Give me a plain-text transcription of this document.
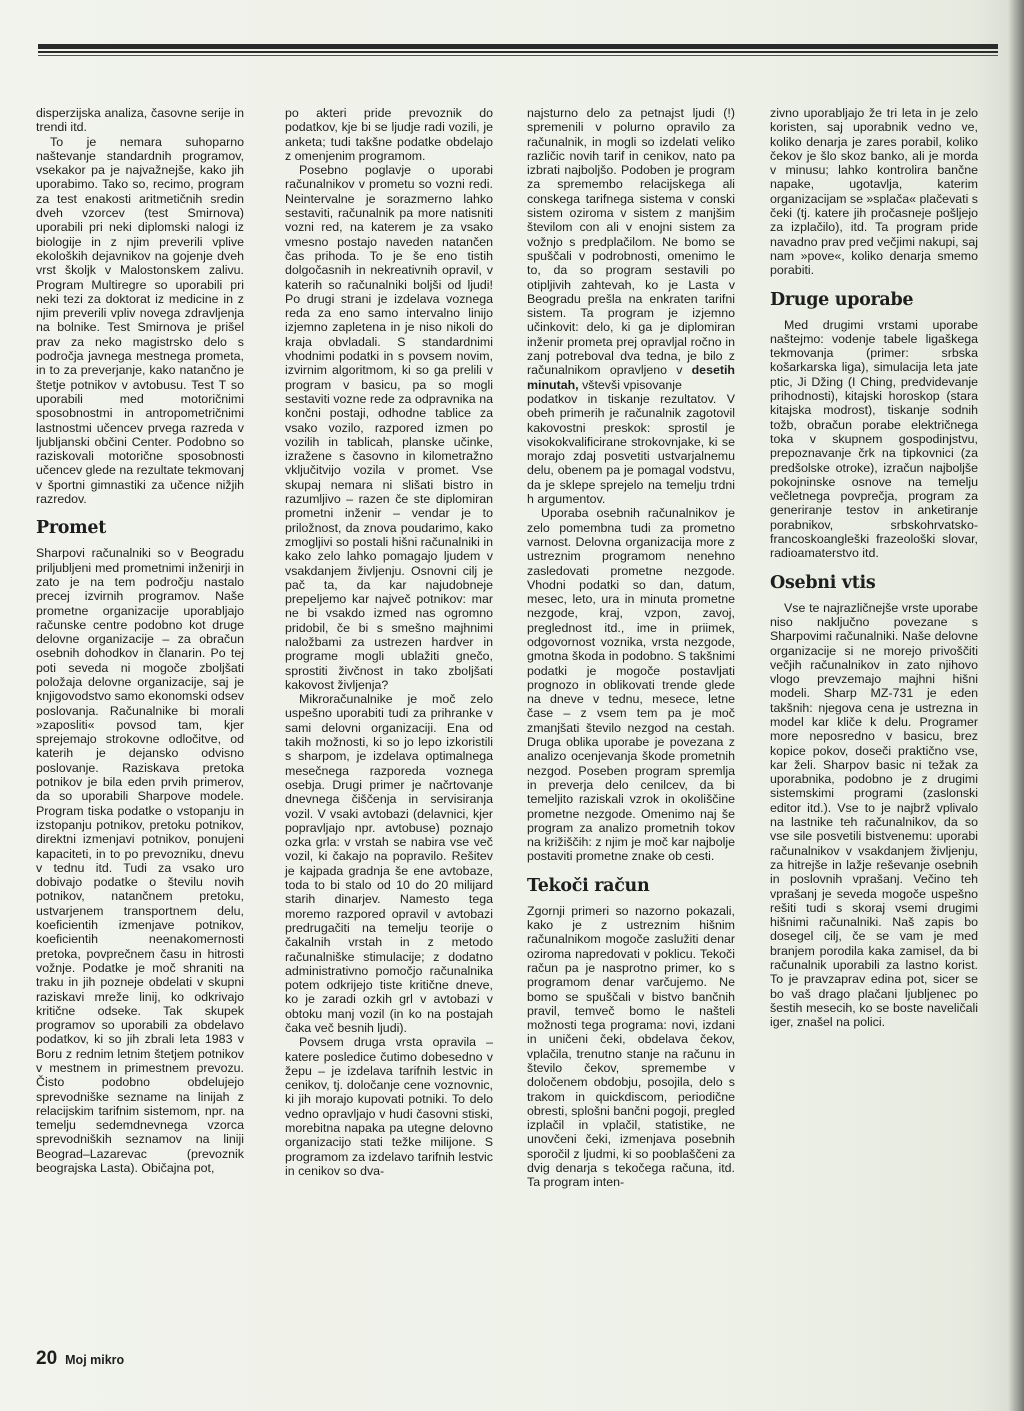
disperzijska analiza, časovne serije in trendi itd.

To je nemara suhoparno naštevanje standardnih programov, vsekakor pa je najvažnejše, kako jih uporabimo. Tako so, recimo, program za test enakosti aritmetičnih sredin dveh vzorcev (test Smirnova) uporabili pri neki diplomski nalogi iz biologije in z njim preverili vplive ekoloških dejavnikov na gojenje dveh vrst školjk v Malostonskem zalivu. Program Multiregre so uporabili pri neki tezi za doktorat iz medicine in z njim preverili vpliv novega zdravljenja na bolnike. Test Smirnova je prišel prav za neko magistrsko delo s področja javnega mestnega prometa, in to za preverjanje, kako natančno je štetje potnikov v avtobusu. Test T so uporabili med motoričnimi sposobnostmi in antropometričnimi lastnostmi učencev prvega razreda v ljubljanski občini Center. Podobno so raziskovali motorične sposobnosti učencev glede na rezultate tekmovanj v športni gimnastiki za učence nižjih razredov.

Promet

Sharpovi računalniki so v Beogradu priljubljeni med prometnimi inženirji in zato je na tem področju nastalo precej izvirnih programov. Naše prometne organizacije uporabljajo računske centre podobno kot druge delovne organizacije – za obračun osebnih dohodkov in članarin. Po tej poti seveda ni mogoče zboljšati položaja delovne organizacije, saj je knjigovodstvo samo ekonomski odsev poslovanja. Računalnike bi morali »zaposliti« povsod tam, kjer sprejemajo strokovne odločitve, od katerih je dejansko odvisno poslovanje. Raziskava pretoka potnikov je bila eden prvih primerov, da so uporabili Sharpove modele. Program tiska podatke o vstopanju in izstopanju potnikov, pretoku potnikov, direktni izmenjavi potnikov, ponujeni kapaciteti, in to po prevozniku, dnevu v tednu itd. Tudi za vsako uro dobivajo podatke o številu novih potnikov, natančnem pretoku, ustvarjenem transportnem delu, koeficientih izmenjave potnikov, koeficientih neenakomernosti pretoka, povprečnem času in hitrosti vožnje. Podatke je moč shraniti na traku in jih pozneje obdelati v skupni raziskavi mreže linij, ko odkrivajo kritične odseke. Tak skupek programov so uporabili za obdelavo podatkov, ki so jih zbrali leta 1983 v Boru z rednim letnim štetjem potnikov v mestnem in primestnem prevozu. Čisto podobno obdelujejo sprevodniške sezname na linijah z relacijskim tarifnim sistemom, npr. na temelju sedemdnevnega vzorca sprevodniških seznamov na liniji Beograd–Lazarevac (prevoznik beograjska Lasta). Običajna pot,

po akteri pride prevoznik do podatkov, kje bi se ljudje radi vozili, je anketa; tudi takšne podatke obdelajo z omenjenim programom.

Posebno poglavje o uporabi računalnikov v prometu so vozni redi. Neintervalne je sorazmerno lahko sestaviti, računalnik pa more natisniti vozni red, na katerem je za vsako vmesno postajo naveden natančen čas prihoda. To je še eno tistih dolgočasnih in nekreativnih opravil, v katerih so računalniki boljši od ljudi! Po drugi strani je izdelava voznega reda za eno samo intervalno linijo izjemno zapletena in je niso nikoli do kraja obvladali. S standardnimi vhodnimi podatki in s povsem novim, izvirnim algoritmom, ki so ga prelili v program v basicu, pa so mogli sestaviti vozne rede za odpravnika na končni postaji, odhodne tablice za vsako vozilo, razpored izmen po vozilih in tablicah, planske učinke, izražene s časovno in kilometražno vključitvijo vozila v promet. Vse skupaj nemara ni slišati bistro in razumljivo – razen če ste diplomiran prometni inženir – vendar je to priložnost, da znova poudarimo, kako zmogljivi so postali hišni računalniki in kako zelo lahko pomagajo ljudem v vsakdanjem življenju. Osnovni cilj je pač ta, da kar najudobneje prepeljemo kar največ potnikov: mar ne bi vsakdo izmed nas ogromno pridobil, če bi s smešno majhnimi naložbami za ustrezen hardver in programe mogli ublažiti gnečo, sprostiti živčnost in tako zboljšati kakovost življenja?

Mikroračunalnike je moč zelo uspešno uporabiti tudi za prihranke v sami delovni organizaciji. Ena od takih možnosti, ki so jo lepo izkoristili s sharpom, je izdelava optimalnega mesečnega razporeda voznega osebja. Drugi primer je načrtovanje dnevnega čiščenja in servisiranja vozil. V vsaki avtobazi (delavnici, kjer popravljajo npr. avtobuse) poznajo ozka grla: v vrstah se nabira vse več vozil, ki čakajo na popravilo. Rešitev je kajpada gradnja še ene avtobaze, toda to bi stalo od 10 do 20 milijard starih dinarjev. Namesto tega moremo razpored opravil v avtobazi predrugačiti na temelju teorije o čakalnih vrstah in z metodo računalniške stimulacije; z dodatno administrativno pomočjo računalnika potem odkrijejo tiste kritične dneve, ko je zaradi ozkih grl v avtobazi v obtoku manj vozil (in ko na postajah čaka več besnih ljudi).

Povsem druga vrsta opravila – katere posledice čutimo dobesedno v žepu – je izdelava tarifnih lestvic in cenikov, tj. določanje cene voznovnic, ki jih morajo kupovati potniki. To delo vedno opravljajo v hudi časovni stiski, morebitna napaka pa utegne delovno organizacijo stati težke milijone. S programom za izdelavo tarifnih lestvic in cenikov so dva-

najsturno delo za petnajst ljudi (!) spremenili v polurno opravilo za računalnik, in mogli so izdelati veliko različic novih tarif in cenikov, nato pa izbrati najboljšo. Podoben je program za spremembo relacijskega ali conskega tarifnega sistema v conski sistem oziroma v sistem z manjšim številom con ali v enojni sistem za vožnjo s predplačilom. Ne bomo se spuščali v podrobnosti, omenimo le to, da so program sestavili po otipljivih zahtevah, ko je Lasta v Beogradu prešla na enkraten tarifni sistem. Ta program je izjemno učinkovit: delo, ki ga je diplomiran inženir prometa prej opravljal ročno in zanj potreboval dva tedna, je bilo z računalnikom opravljeno v desetih minutah, vštevši vpisovanje

podatkov in tiskanje rezultatov. V obeh primerih je računalnik zagotovil kakovostni preskok: sprostil je visokokvalificirane strokovnjake, ki se morajo zdaj posvetiti ustvarjalnemu delu, obenem pa je pomagal vodstvu, da je sklepe sprejelo na temelju trdni h argumentov.

Uporaba osebnih računalnikov je zelo pomembna tudi za prometno varnost. Delovna organizacija more z ustreznim programom nenehno zasledovati prometne nezgode. Vhodni podatki so dan, datum, mesec, leto, ura in minuta prometne nezgode, kraj, vzpon, zavoj, preglednost itd., ime in priimek, odgovornost voznika, vrsta nezgode, gmotna škoda in podobno. S takšnimi podatki je mogoče postavljati prognozo in oblikovati trende glede na dneve v tednu, mesece, letne čase – z vsem tem pa je moč zmanjšati število nezgod na cestah. Druga oblika uporabe je povezana z analizo ocenjevanja škode prometnih nezgod. Poseben program spremlja in preverja delo cenilcev, da bi temeljito raziskali vzrok in okoliščine prometne nezgode. Omenimo naj še program za analizo prometnih tokov na križiščih: z njim je moč kar najbolje postaviti prometne znake ob cesti.

Tekoči račun

Zgornji primeri so nazorno pokazali, kako je z ustreznim hišnim računalnikom mogoče zaslužiti denar oziroma napredovati v poklicu. Tekoči račun pa je nasprotno primer, ko s programom denar varčujemo. Ne bomo se spuščali v bistvo bančnih pravil, temveč bomo le našteli možnosti tega programa: novi, izdani in uničeni čeki, obdelava čekov, vplačila, trenutno stanje na računu in število čekov, spremembe v določenem obdobju, posojila, delo s trakom in quickdiscom, periodične obresti, splošni bančni pogoji, pregled izplačil in vplačil, statistike, ne unovčeni čeki, izmenjava posebnih sporočil z ljudmi, ki so pooblaščeni za dvig denarja s tekočega računa, itd. Ta program inten-

zivno uporabljajo že tri leta in je zelo koristen, saj uporabnik vedno ve, koliko denarja je zares porabil, koliko čekov je šlo skoz banko, ali je morda v minusu; lahko kontrolira bančne napake, ugotavlja, katerim organizacijam se »splača« plačevati s čeki (tj. katere jih pročasneje pošljejo za izplačilo), itd. Ta program pride navadno prav pred večjimi nakupi, saj nam »pove«, koliko denarja smemo porabiti.

Druge uporabe

Med drugimi vrstami uporabe naštejmo: vodenje tabele ligaškega tekmovanja (primer: srbska košarkarska liga), simulacija leta jate ptic, Ji Džing (I Ching, predvidevanje prihodnosti), kitajski horoskop (stara kitajska modrost), tiskanje sodnih tožb, obračun porabe električnega toka v skupnem gospodinjstvu, prepoznavanje črk na tipkovnici (za predšolske otroke), izračun najboljše pokojninske osnove na temelju večletnega povprečja, program za generiranje testov in anketiranje porabnikov, srbskohrvatsko-francoskoangleški frazeološki slovar, radioamaterstvo itd.

Osebni vtis

Vse te najrazličnejše vrste uporabe niso naključno povezane s Sharpovimi računalniki. Naše delovne organizacije si ne morejo privoščiti večjih računalnikov in zato njihovo vlogo prevzemajo majhni hišni modeli. Sharp MZ-731 je eden takšnih: njegova cena je ustrezna in model kar kliče k delu. Programer more neposredno v basicu, brez kopice pokov, doseči praktično vse, kar želi. Sharpov basic ni težak za uporabnika, podobno je z drugimi sistemskimi programi (zaslonski editor itd.). Vse to je najbrž vplivalo na lastnike teh računalnikov, da so vse sile posvetili bistvenemu: uporabi računalnikov v vsakdanjem življenju, za hitrejše in lažje reševanje osebnih in poslovnih vprašanj. Večino teh vprašanj je seveda mogoče uspešno rešiti tudi s skoraj vsemi drugimi hišnimi računalniki. Naš zapis bo dosegel cilj, če se vam je med branjem porodila kaka zamisel, da bi računalnik uporabili za lastno korist. To je pravzaprav edina pot, sicer se bo vaš drago plačani ljubljenec po šestih mesecih, ko se boste naveličali iger, znašel na polici.

20 Moj mikro
